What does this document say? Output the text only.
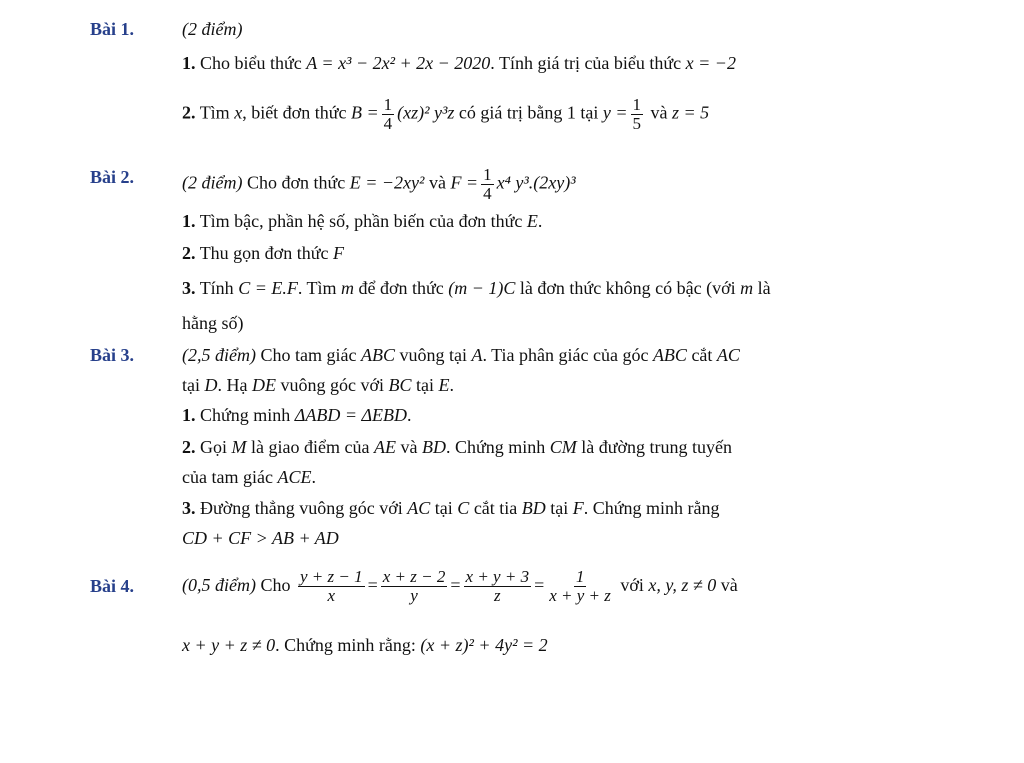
Bài 1.	(2 điểm)
1. Cho biểu thức A = x³ − 2x² + 2x − 2020. Tính giá trị của biểu thức x = −2
2. Tìm x, biết đơn thức $B = \frac{1}{4} (xz)^2$ y³z có giá trị bằng 1 tại $y = \frac{1}{5}$ và z = 5
Bài 2.	(2 điểm) Cho đơn thức E = −2xy² và $F = \frac{1}{4} x^4$ y³.(2xy)³
1. Tìm bậc, phần hệ số, phần biến của đơn thức E.
2. Thu gọn đơn thức F
3. Tính C = E.F. Tìm m để đơn thức (m − 1)C là đơn thức không có bậc (với m là
hằng số)
Bài 3.	(2,5 điểm) Cho tam giác ABC vuông tại A. Tia phân giác của góc ABC cắt AC
tại D. Hạ DE vuông góc với BC tại E.
1. Chứng minh ΔABD = ΔEBD.
2. Gọi M là giao điểm của AE và BD. Chứng minh CM là đường trung tuyến
của tam giác ACE.
3. Đường thẳng vuông góc với AC tại C cắt tia BD tại F. Chứng minh rằng
CD + CF > AB + AD
Bài 4.	(0,5 điểm) Cho $\frac{y + z - 1}{x} = \frac{x + z - 2}{y} = \frac{x + y + 3}{z} = \frac{1}{x + y + z}$ với x, y, z ≠ 0 và
x + y + z ≠ 0. Chứng minh rằng: (x + z)² + 4y² = 2
